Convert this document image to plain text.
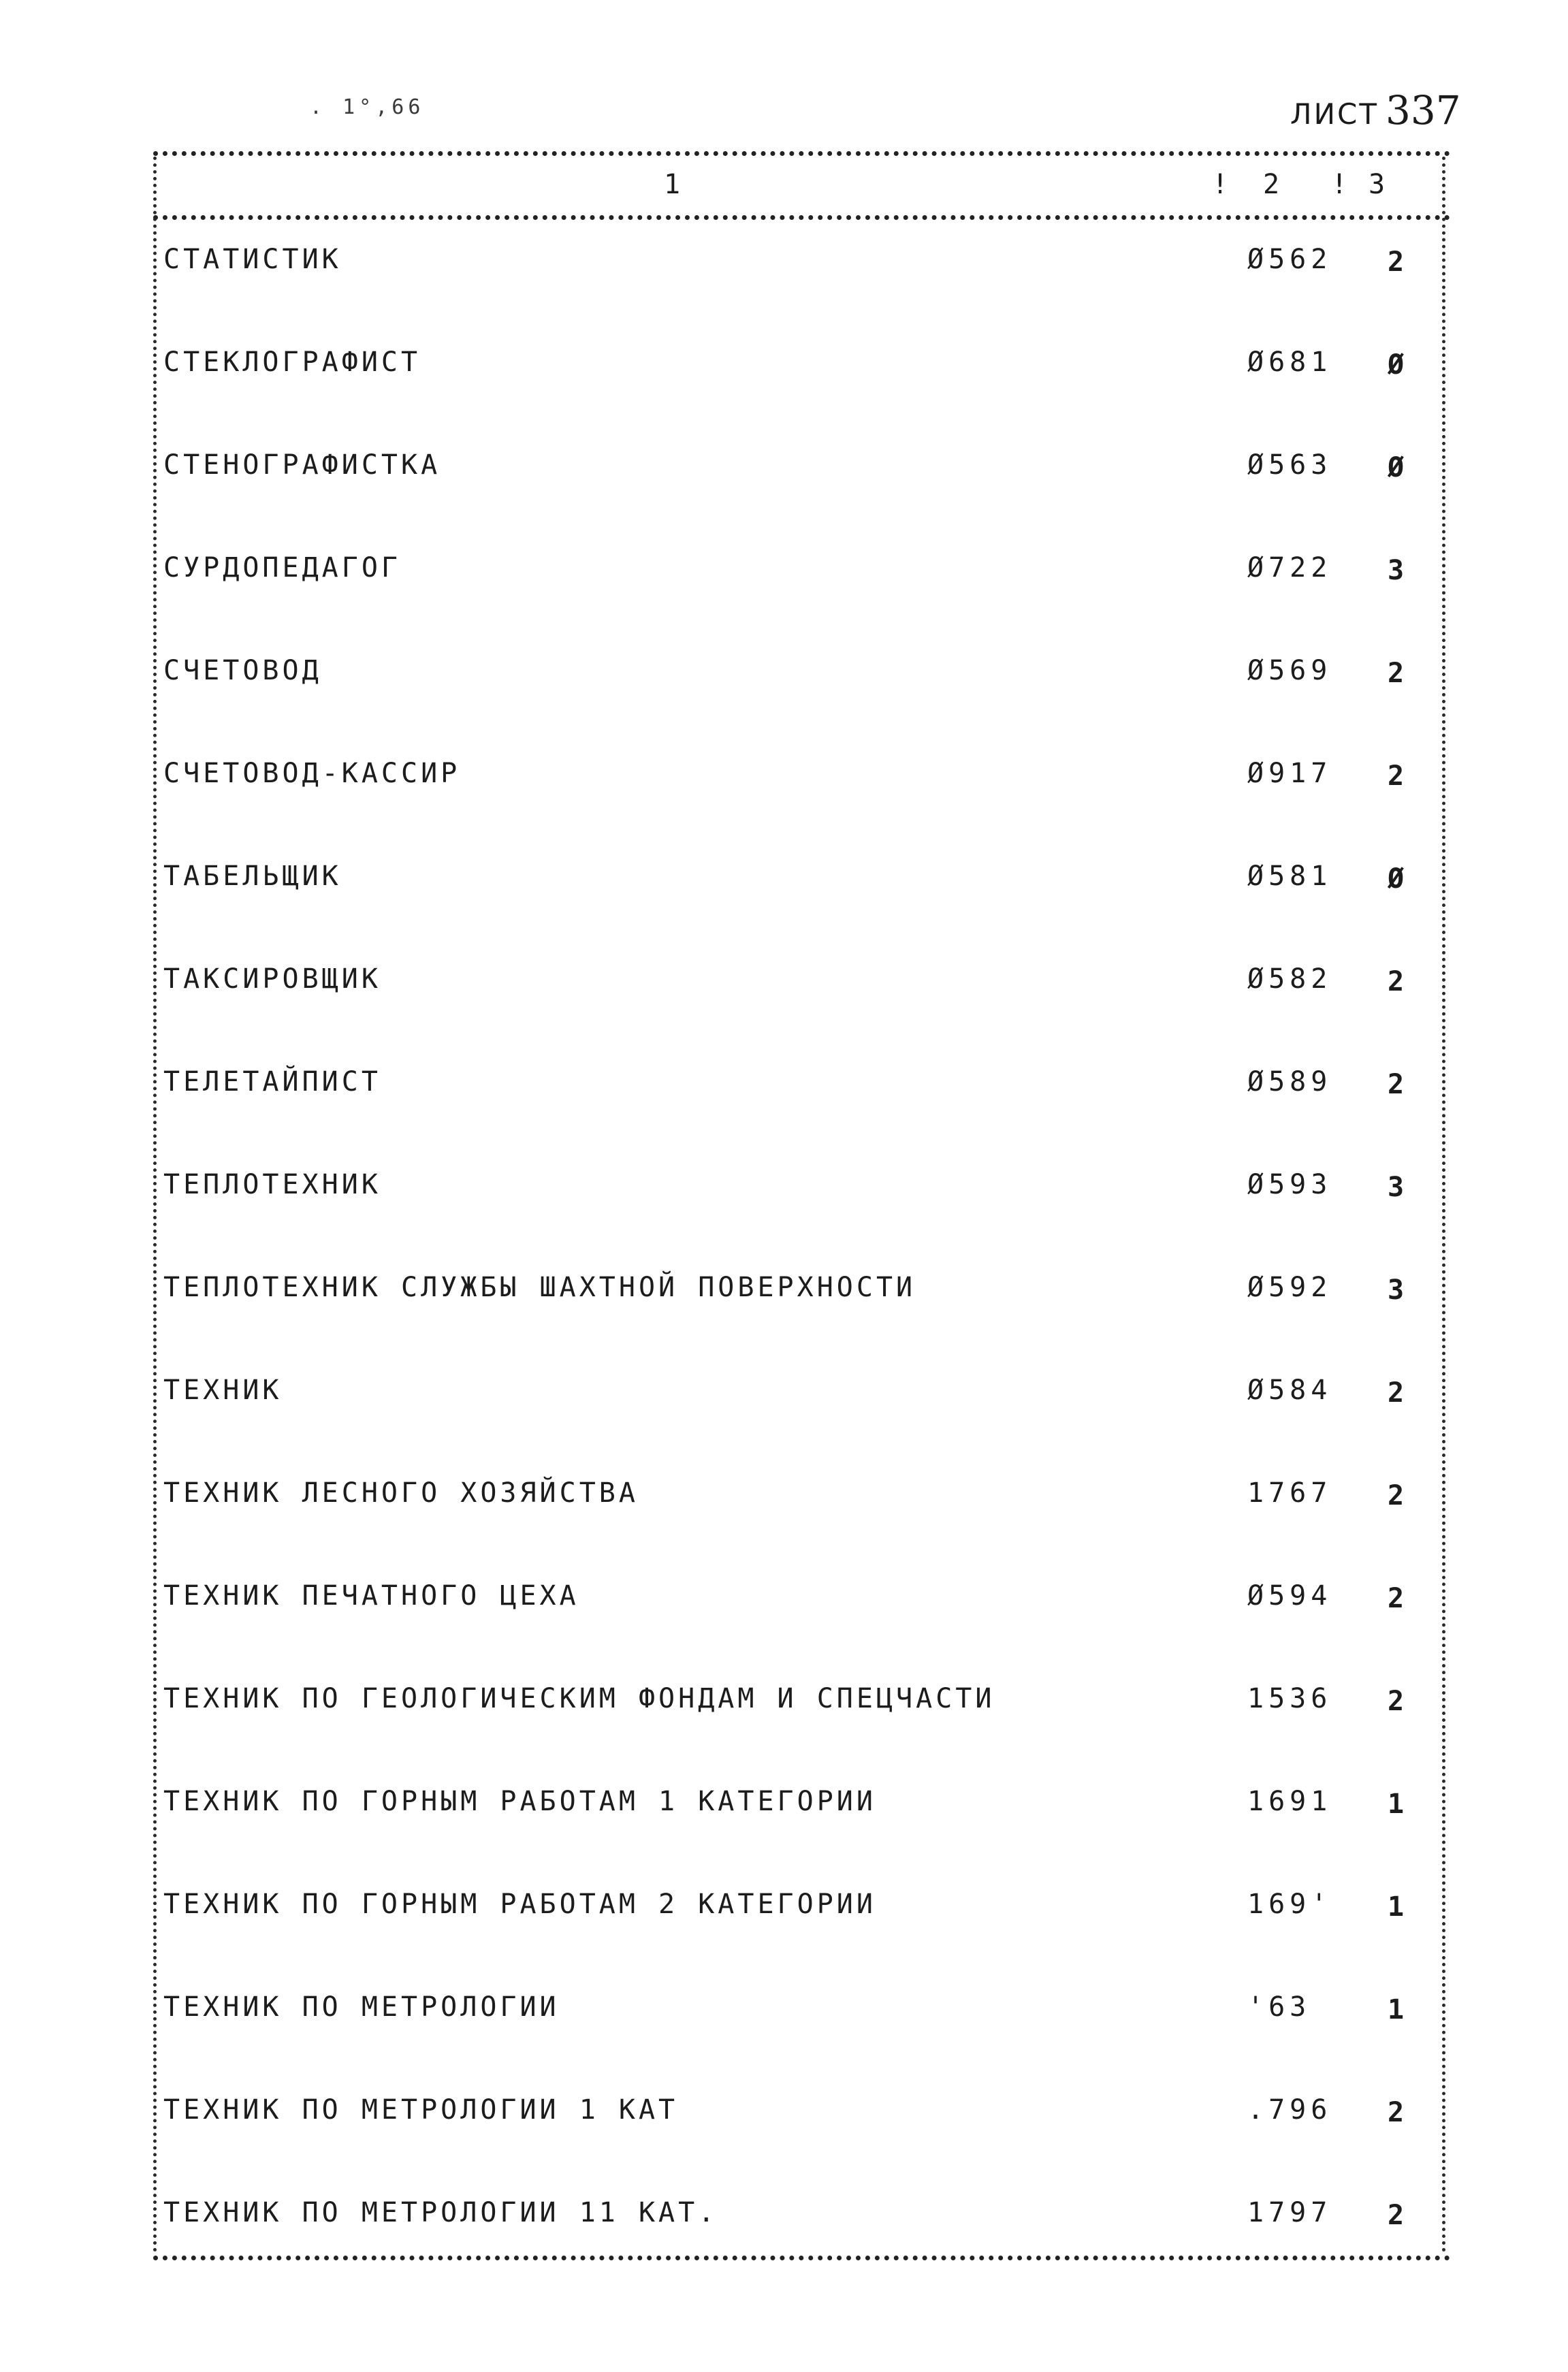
. 1°,66	ЛИСТ 337
1	! 2 ! 3
СТАТИСТИК	Ø562 2
СТЕКЛОГРАФИСТ	Ø681 Ø
СТЕНОГРАФИСТКА	Ø563 Ø
СУРДОПЕДАГОГ	Ø722 3
СЧЕТОВОД	Ø569 2
СЧЕТОВОД-КАССИР	Ø917 2
ТАБЕЛЬЩИК	Ø581 Ø
ТАКСИРОВЩИК	Ø582 2
ТЕЛЕТАЙПИСТ	Ø589 2
ТЕПЛОТЕХНИК	Ø593 3
ТЕПЛОТЕХНИК СЛУЖБЫ ШАХТНОЙ ПОВЕРХНОСТИ	Ø592 3
ТЕХНИК	Ø584 2
ТЕХНИК ЛЕСНОГО ХОЗЯЙСТВА	1767 2
ТЕХНИК ПЕЧАТНОГО ЦЕХА	Ø594 2
ТЕХНИК ПО ГЕОЛОГИЧЕСКИМ ФОНДАМ И СПЕЦЧАСТИ	1536 2
ТЕХНИК ПО ГОРНЫМ РАБОТАМ 1 КАТЕГОРИИ	1691 1
ТЕХНИК ПО ГОРНЫМ РАБОТАМ 2 КАТЕГОРИИ	169' 1
ТЕХНИК ПО МЕТРОЛОГИИ	'63	1
ТЕХНИК ПО МЕТРОЛОГИИ 1 КАТ	.796 2
ТЕХНИК ПО МЕТРОЛОГИИ 11 КАТ.	1797 2
